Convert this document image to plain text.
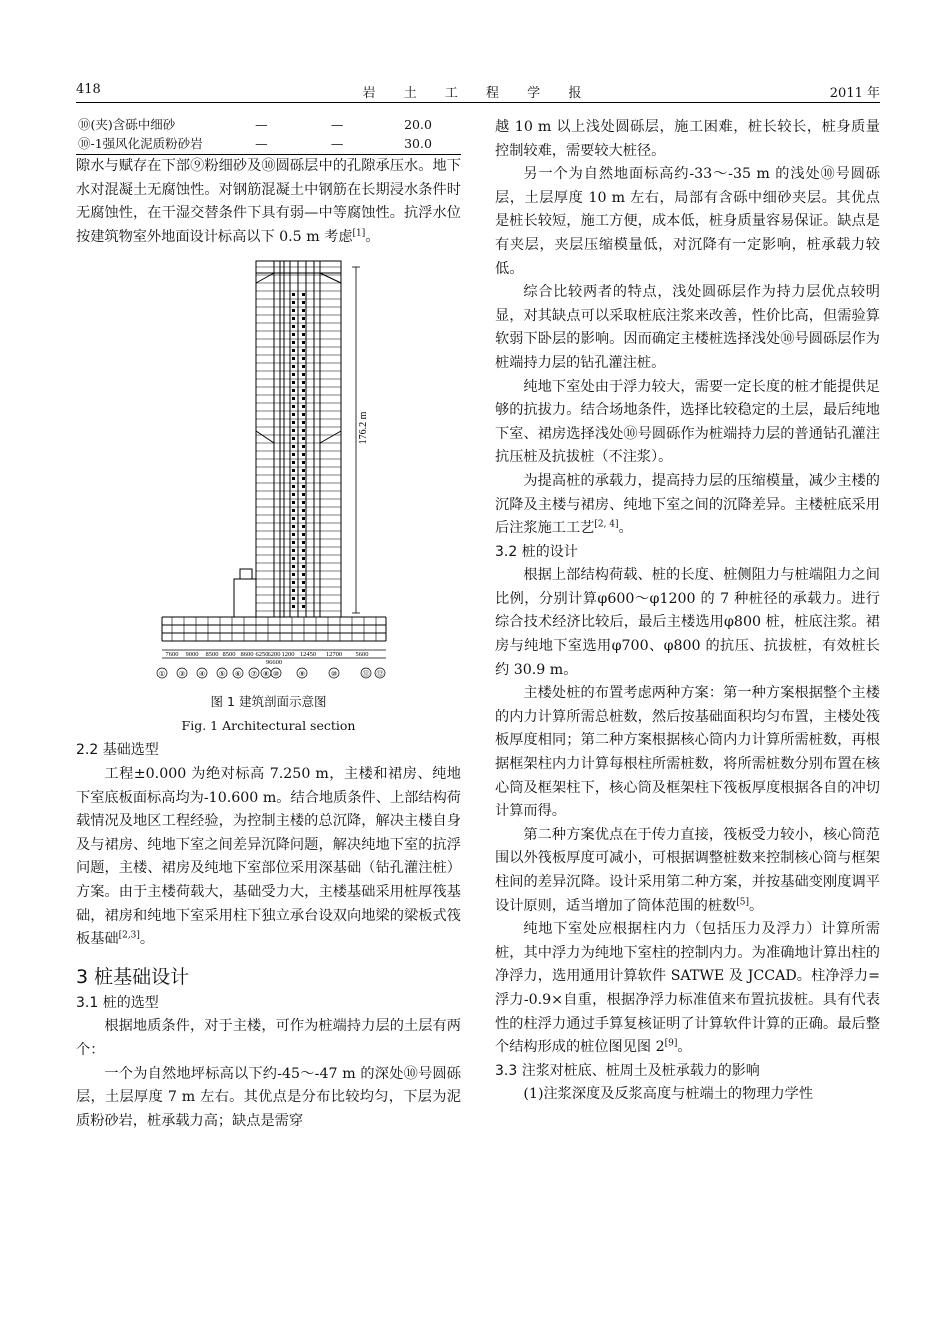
418	岩 土 工 程 学 报	2011 年
⑩(夹)含砾中细砂	—	—	20.0
⑩-1强风化泥质粉砂岩	—	—	30.0

隙水与赋存在下部⑨粉细砂及⑩圆砾层中的孔隙承压水。地下水对混凝土无腐蚀性。对钢筋混凝土中钢筋在长期浸水条件时无腐蚀性，在干湿交替条件下具有弱—中等腐蚀性。抗浮水位按建筑物室外地面设计标高以下 0.5 m 考虑[1]。

176.2 m
7600 9000 8500 8500 8600 6250 6200 1200 12450 12700 5600
96600
① ③ ④ ⑤ ⑥ ⑦ ⑧ ⑩	⑨	⑩	⑪ ⑫
图 1 建筑剖面示意图
Fig. 1 Architectural section
2.2 基础选型

工程±0.000 为绝对标高 7.250 m，主楼和裙房、纯地下室底板面标高均为-10.600 m。结合地质条件、上部结构荷载情况及地区工程经验，为控制主楼的总沉降，解决主楼自身及与裙房、纯地下室之间差异沉降问题，解决纯地下室的抗浮问题，主楼、裙房及纯地下室部位采用深基础（钻孔灌注桩）方案。由于主楼荷载大，基础受力大，主楼基础采用桩厚筏基础，裙房和纯地下室采用柱下独立承台设双向地梁的梁板式筏板基础[2,3]。

3 桩基础设计
3.1 桩的选型

根据地质条件，对于主楼，可作为桩端持力层的土层有两个：

一个为自然地坪标高以下约-45～-47 m 的深处⑩号圆砾层，土层厚度 7 m 左右。其优点是分布比较均匀，下层为泥质粉砂岩，桩承载力高；缺点是需穿

越 10 m 以上浅处圆砾层，施工困难，桩长较长，桩身质量控制较难，需要较大桩径。

另一个为自然地面标高约-33～-35 m 的浅处⑩号圆砾层，土层厚度 10 m 左右，局部有含砾中细砂夹层。其优点是桩长较短，施工方便，成本低，桩身质量容易保证。缺点是有夹层，夹层压缩模量低，对沉降有一定影响，桩承载力较低。

综合比较两者的特点，浅处圆砾层作为持力层优点较明显，对其缺点可以采取桩底注浆来改善，性价比高，但需验算软弱下卧层的影响。因而确定主楼桩选择浅处⑩号圆砾层作为桩端持力层的钻孔灌注桩。

纯地下室处由于浮力较大，需要一定长度的桩才能提供足够的抗拔力。结合场地条件，选择比较稳定的土层，最后纯地下室、裙房选择浅处⑩号圆砾作为桩端持力层的普通钻孔灌注抗压桩及抗拔桩（不注浆）。

为提高桩的承载力，提高持力层的压缩模量，减少主楼的沉降及主楼与裙房、纯地下室之间的沉降差异。主楼桩底采用后注浆施工工艺[2, 4]。

3.2 桩的设计

根据上部结构荷载、桩的长度、桩侧阻力与桩端阻力之间比例，分别计算φ600～φ1200 的 7 种桩径的承载力。进行综合技术经济比较后，最后主楼选用φ800 桩，桩底注浆。裙房与纯地下室选用φ700、φ800 的抗压、抗拔桩，有效桩长约 30.9 m。

主楼处桩的布置考虑两种方案：第一种方案根据整个主楼的内力计算所需总桩数，然后按基础面积均匀布置，主楼处筏板厚度相同；第二种方案根据核心筒内力计算所需桩数，再根据框架柱内力计算每根柱所需桩数，将所需桩数分别布置在核心筒及框架柱下，核心筒及框架柱下筏板厚度根据各自的冲切计算而得。

第二种方案优点在于传力直接，筏板受力较小，核心筒范围以外筏板厚度可减小，可根据调整桩数来控制核心筒与框架柱间的差异沉降。设计采用第二种方案，并按基础变刚度调平设计原则，适当增加了筒体范围的桩数[5]。

纯地下室处应根据柱内力（包括压力及浮力）计算所需桩，其中浮力为纯地下室柱的控制内力。为准确地计算出柱的净浮力，选用通用计算软件 SATWE 及 JCCAD。柱净浮力=浮力-0.9×自重，根据净浮力标准值来布置抗拔桩。具有代表性的柱浮力通过手算复核证明了计算软件计算的正确。最后整个结构形成的桩位图见图 2[9]。

3.3 注浆对桩底、桩周土及桩承载力的影响

(1)注浆深度及反浆高度与桩端土的物理力学性
